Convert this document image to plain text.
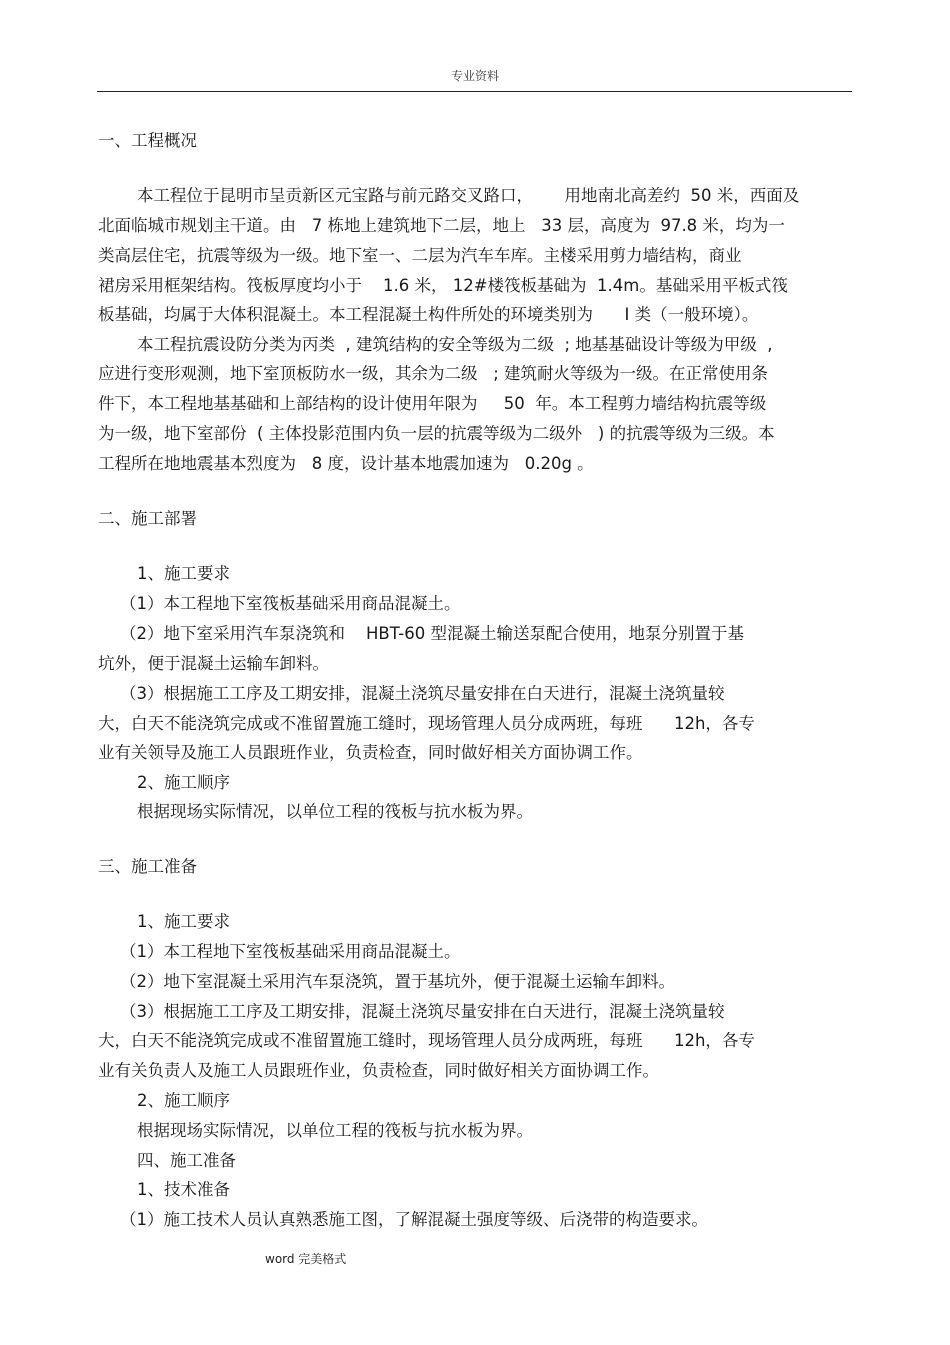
专业资料
一、工程概况
本工程位于昆明市呈贡新区元宝路与前元路交叉路口，      用地南北高差约  50 米，西面及
北面临城市规划主干道。由   7 栋地上建筑地下二层，地上   33 层，高度为  97.8 米，均为一
类高层住宅，抗震等级为一级。地下室一、二层为汽车车库。主楼采用剪力墙结构，商业
裙房采用框架结构。筏板厚度均小于    1.6 米， 12#楼筏板基础为  1.4m。基础采用平板式筏
板基础，均属于大体积混凝土。本工程混凝土构件所处的环境类别为      I 类（一般环境）。
本工程抗震设防分类为丙类  , 建筑结构的安全等级为二级  ; 地基基础设计等级为甲级  ,
应进行变形观测，地下室顶板防水一级，其余为二级   ; 建筑耐火等级为一级。在正常使用条
件下，本工程地基基础和上部结构的设计使用年限为     50  年。本工程剪力墙结构抗震等级
为一级，地下室部份  ( 主体投影范围内负一层的抗震等级为二级外   ) 的抗震等级为三级。本
工程所在地地震基本烈度为   8 度，设计基本地震加速为   0.20g 。
二、施工部署
1、施工要求
（1）本工程地下室筏板基础采用商品混凝土。
（2）地下室采用汽车泵浇筑和    HBT-60 型混凝土输送泵配合使用，地泵分别置于基
坑外，便于混凝土运输车卸料。
（3）根据施工工序及工期安排，混凝土浇筑尽量安排在白天进行，混凝土浇筑量较
大，白天不能浇筑完成或不准留置施工缝时，现场管理人员分成两班，每班      12h，各专
业有关领导及施工人员跟班作业，负责检查，同时做好相关方面协调工作。
2、施工顺序
根据现场实际情况，以单位工程的筏板与抗水板为界。
三、施工准备
1、施工要求
（1）本工程地下室筏板基础采用商品混凝土。
（2）地下室混凝土采用汽车泵浇筑，置于基坑外，便于混凝土运输车卸料。
（3）根据施工工序及工期安排，混凝土浇筑尽量安排在白天进行，混凝土浇筑量较
大，白天不能浇筑完成或不准留置施工缝时，现场管理人员分成两班，每班      12h，各专
业有关负责人及施工人员跟班作业，负责检查，同时做好相关方面协调工作。
2、施工顺序
根据现场实际情况，以单位工程的筏板与抗水板为界。
四、施工准备
1、技术准备
（1）施工技术人员认真熟悉施工图，了解混凝土强度等级、后浇带的构造要求。
word 完美格式
